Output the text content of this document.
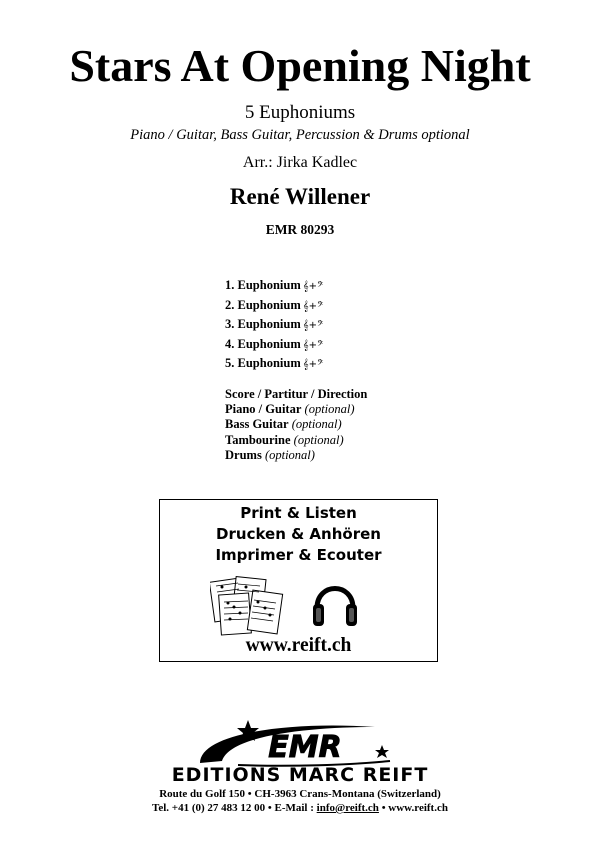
Stars At Opening Night
5 Euphoniums
Piano / Guitar, Bass Guitar, Percussion & Drums optional
Arr.: Jirka Kadlec
René Willener
EMR 80293
1. Euphonium 𝄞+𝄢
2. Euphonium 𝄞+𝄢
3. Euphonium 𝄞+𝄢
4. Euphonium 𝄞+𝄢
5. Euphonium 𝄞+𝄢
Score / Partitur / Direction
Piano / Guitar (optional)
Bass Guitar (optional)
Tambourine (optional)
Drums (optional)
Print & Listen
Drucken & Anhören
Imprimer & Ecouter
www.reift.ch
EMR
EDITIONS MARC REIFT
Route du Golf 150 • CH-3963 Crans-Montana (Switzerland)
Tel. +41 (0) 27 483 12 00 • E-Mail : info@reift.ch • www.reift.ch
